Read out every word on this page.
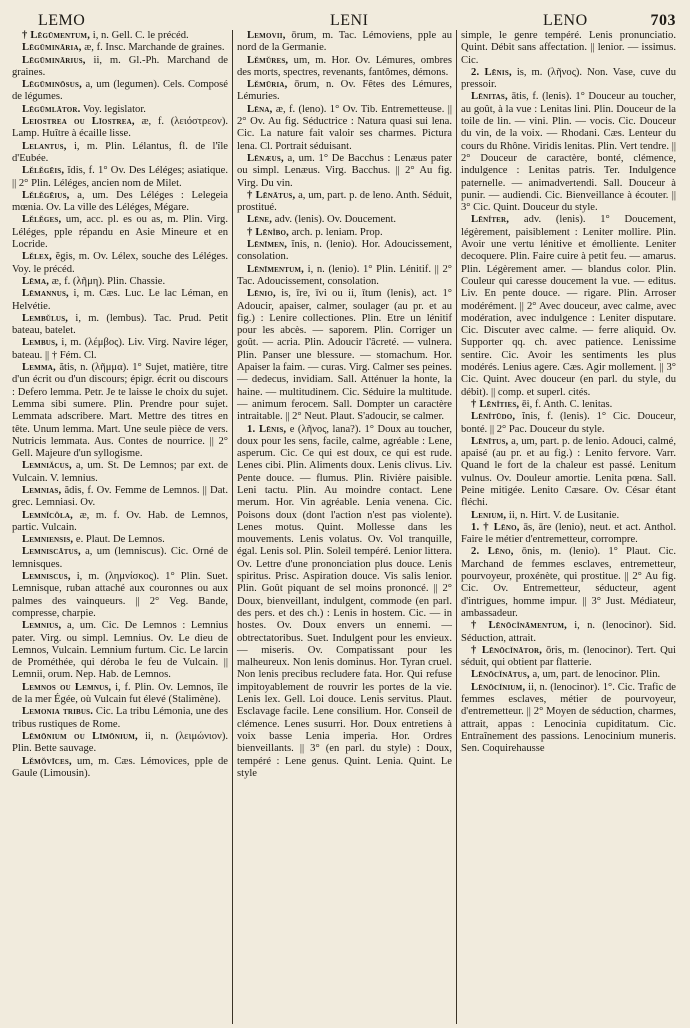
LEMO	LENI	LENO	703

† Lēgūmentum, i, n. Gell. C. le précéd.

Lēgūmināria, æ, f. Insc. Marchande de graines.

Lēgūminārius, ii, m. Gl.-Ph. Marchand de graines.

Lēgūminōsus, a, um (legumen). Cels. Composé de légumes.

Lēgūmlātor. Voy. legislator.

Leiostrea ou Līostrea, æ, f. (λειόστρεον). Lamp. Huître à écaille lisse.

Lelantus, i, m. Plin. Lélantus, fl. de l'île d'Eubée.

Lĕlĕgēis, ĭdis, f. 1° Ov. Des Léléges; asiatique. || 2° Plin. Léléges, ancien nom de Milet.

Lĕlĕgēius, a, um. Des Léléges : Lelegeia mœnia. Ov. La ville des Léléges, Mégare.

Lĕlĕges, um, acc. pl. es ou as, m. Plin. Virg. Léléges, pple répandu en Asie Mineure et en Locride.

Lĕlex, ĕgis, m. Ov. Lélex, souche des Léléges. Voy. le précéd.

Lēma, æ, f. (λῆμη). Plin. Chassie.

Lēmannus, i, m. Cæs. Luc. Le lac Léman, en Helvétie.

Lembŭlus, i, m. (lembus). Tac. Prud. Petit bateau, batelet.

Lembus, i, m. (λέμβος). Liv. Virg. Navire léger, bateau. || † Fém. Cl.

Lemma, ătis, n. (λῆμμα). 1° Sujet, matière, titre d'un écrit ou d'un discours; épigr. écrit ou discours : Defero lemma. Petr. Je te laisse le choix du sujet. Lemma sibi sumere. Plin. Prendre pour sujet. Lemmata adscribere. Mart. Mettre des titres en tête. Unum lemma. Mart. Une seule pièce de vers. Nutricis lemmata. Aus. Contes de nourrice. || 2° Gell. Majeure d'un syllogisme.

Lemniăcus, a, um. St. De Lemnos; par ext. de Vulcain. V. lemnius.

Lemnias, ădis, f. Ov. Femme de Lemnos. || Dat. grec. Lemniasi. Ov.

Lemnĭcŏla, æ, m. f. Ov. Hab. de Lemnos, partic. Vulcain.

Lemniensis, e. Plaut. De Lemnos.

Lemniscātus, a, um (lemniscus). Cic. Orné de lemnisques.

Lemniscus, i, m. (λημνίσκος). 1° Plin. Suet. Lemnisque, ruban attaché aux couronnes ou aux palmes des vainqueurs. || 2° Veg. Bande, compresse, charpie.

Lemnius, a, um. Cic. De Lemnos : Lemnius pater. Virg. ou simpl. Lemnius. Ov. Le dieu de Lemnos, Vulcain. Lemnium furtum. Cic. Le larcin de Prométhée, qui déroba le feu de Vulcain. || Lemnii, orum. Nep. Hab. de Lemnos.

Lemnos ou Lemnus, i, f. Plin. Ov. Lemnos, île de la mer Égée, où Vulcain fut élevé (Stalimène).

Lemonia tribus. Cic. La tribu Lémonia, une des tribus rustiques de Rome.

Lēmōnium ou Līmōnium, ii, n. (λειμώνιον). Plin. Bette sauvage.

Lĕmŏvīces, um, m. Cæs. Lémovices, pple de Gaule (Limousin).

Lemovii, ōrum, m. Tac. Lémoviens, pple au nord de la Germanie.

Lĕmŭres, um, m. Hor. Ov. Lémures, ombres des morts, spectres, revenants, fantômes, démons.

Lĕmūria, ōrum, n. Ov. Fêtes des Lémures, Lémuries.

Lēna, æ, f. (leno). 1° Ov. Tib. Entremetteuse. || 2° Ov. Au fig. Séductrice : Natura quasi sui lena. Cic. La nature fait valoir ses charmes. Pictura lena. Cl. Portrait séduisant.

Lēnæus, a, um. 1° De Bacchus : Lenæus pater ou simpl. Lenæus. Virg. Bacchus. || 2° Au fig. Virg. Du vin.

† Lēnātus, a, um, part. p. de leno. Anth. Séduit, prostitué.

Lēne, adv. (lenis). Ov. Doucement.

† Lēnĭbo, arch. p. leniam. Prop.

Lēnīmen, ĭnis, n. (lenio). Hor. Adoucissement, consolation.

Lēnīmentum, i, n. (lenio). 1° Plin. Lénitif. || 2° Tac. Adoucissement, consolation.

Lēnio, is, īre, īvi ou ii, ītum (lenis), act. 1° Adoucir, apaiser, calmer, soulager (au pr. et au fig.) : Lenire collectiones. Plin. Etre un lénitif pour les abcès. — saporem. Plin. Corriger un goût. — acria. Plin. Adoucir l'âcreté. — vulnera. Plin. Panser une blessure. — stomachum. Hor. Apaiser la faim. — curas. Virg. Calmer ses peines. — dedecus, invidiam. Sall. Atténuer la honte, la haine. — multitudinem. Cic. Séduire la multitude. — animum ferocem. Sall. Dompter un caractère intraitable. || 2° Neut. Plaut. S'adoucir, se calmer.

1. Lēnis, e (λῆνος, lana?). 1° Doux au toucher, doux pour les sens, facile, calme, agréable : Lene, asperum. Cic. Ce qui est doux, ce qui est rude. Lenes cibi. Plin. Aliments doux. Lenis clivus. Liv. Pente douce. — flumus. Plin. Rivière paisible. Leni tactu. Plin. Au moindre contact. Lene merum. Hor. Vin agréable. Lenia venena. Cic. Poisons doux (dont l'action n'est pas violente). Lenes motus. Quint. Mollesse dans les mouvements. Lenis volatus. Ov. Vol tranquille, égal. Lenis sol. Plin. Soleil tempéré. Lenior littera. Ov. Lettre d'une prononciation plus douce. Lenis spiritus. Prisc. Aspiration douce. Vis salis lenior. Plin. Goût piquant de sel moins prononcé. || 2° Doux, bienveillant, indulgent, commode (en parl. des pers. et des ch.) : Lenis in hostem. Cic. — in hostes. Ov. Doux envers un ennemi. — obtrectatoribus. Suet. Indulgent pour les envieux. — miseris. Ov. Compatissant pour les malheureux. Non lenis dominus. Hor. Tyran cruel. Non lenis precibus recludere fata. Hor. Qui refuse impitoyablement de rouvrir les portes de la vie. Lenis lex. Gell. Loi douce. Lenis servitus. Plaut. Esclavage facile. Lene consilium. Hor. Conseil de clémence. Lenes susurri. Hor. Doux entretiens à voix basse Lenia imperia. Hor. Ordres bienveillants. || 3° (en parl. du style) : Doux, tempéré : Lene genus. Quint. Lenia. Quint. Le style

simple, le genre tempéré. Lenis pronunciatio. Quint. Débit sans affectation. || lenior. — issimus. Cic.

2. Lēnis, is, m. (λῆνος). Non. Vase, cuve du pressoir.

Lēnitas, ātis, f. (lenis). 1° Douceur au toucher, au goût, à la vue : Lenitas lini. Plin. Douceur de la toile de lin. — vini. Plin. — vocis. Cic. Douceur du vin, de la voix. — Rhodani. Cæs. Lenteur du cours du Rhône. Viridis lenitas. Plin. Vert tendre. || 2° Douceur de caractère, bonté, clémence, indulgence : Lenitas patris. Ter. Indulgence paternelle. — animadvertendi. Sall. Douceur à punir. — audiendi. Cic. Bienveillance à écouter. || 3° Cic. Quint. Douceur du style.

Lēnĭter, adv. (lenis). 1° Doucement, légèrement, paisiblement : Leniter mollire. Plin. Avoir une vertu lénitive et émolliente. Leniter decoquere. Plin. Faire cuire à petit feu. — amarus. Plin. Légèrement amer. — blandus color. Plin. Couleur qui caresse doucement la vue. — editus. Liv. En pente douce. — rigare. Plin. Arroser modérément. || 2° Avec douceur, avec calme, avec modération, avec indulgence : Leniter disputare. Cic. Discuter avec calme. — ferre aliquid. Ov. Supporter qq. ch. avec patience. Lenissime sentire. Cic. Avoir les sentiments les plus modérés. Lenius agere. Cæs. Agir mollement. || 3° Cic. Quint. Avec douceur (en parl. du style, du débit). || comp. et superl. cités.

† Lēnĭties, ēi, f. Anth. C. lenitas.

Lēnĭtūdo, ĭnis, f. (lenis). 1° Cic. Douceur, bonté. || 2° Pac. Douceur du style.

Lēnītus, a, um, part. p. de lenio. Adouci, calmé, apaisé (au pr. et au fig.) : Lenito fervore. Varr. Quand le fort de la chaleur est passé. Lenitum vulnus. Ov. Douleur amortie. Lenita pœna. Sall. Peine mitigée. Lenito Cæsare. Ov. César étant fléchi.

Lenium, ii, n. Hirt. V. de Lusitanie.

1. † Lēno, ās, āre (lenio), neut. et act. Anthol. Faire le métier d'entremetteur, corrompre.

2. Lēno, ōnis, m. (lenio). 1° Plaut. Cic. Marchand de femmes esclaves, entremetteur, pourvoyeur, proxénète, qui prostitue. || 2° Au fig. Cic. Ov. Entremetteur, séducteur, agent d'intrigues, homme impur. || 3° Just. Médiateur, ambassadeur.

† Lēnōcĭnāmentum, i, n. (lenocinor). Sid. Séduction, attrait.

† Lēnōcĭnātor, ōris, m. (lenocinor). Tert. Qui séduit, qui obtient par flatterie.

Lēnōcĭnātus, a, um, part. de lenocinor. Plin.

Lēnōcĭnium, ii, n. (lenocinor). 1°. Cic. Trafic de femmes esclaves, métier de pourvoyeur, d'entremetteur. || 2° Moyen de séduction, charmes, attrait, appas : Lenocinia cupiditatum. Cic. Entraînement des passions. Lenocinium muneris. Sen. Coquirehausse
